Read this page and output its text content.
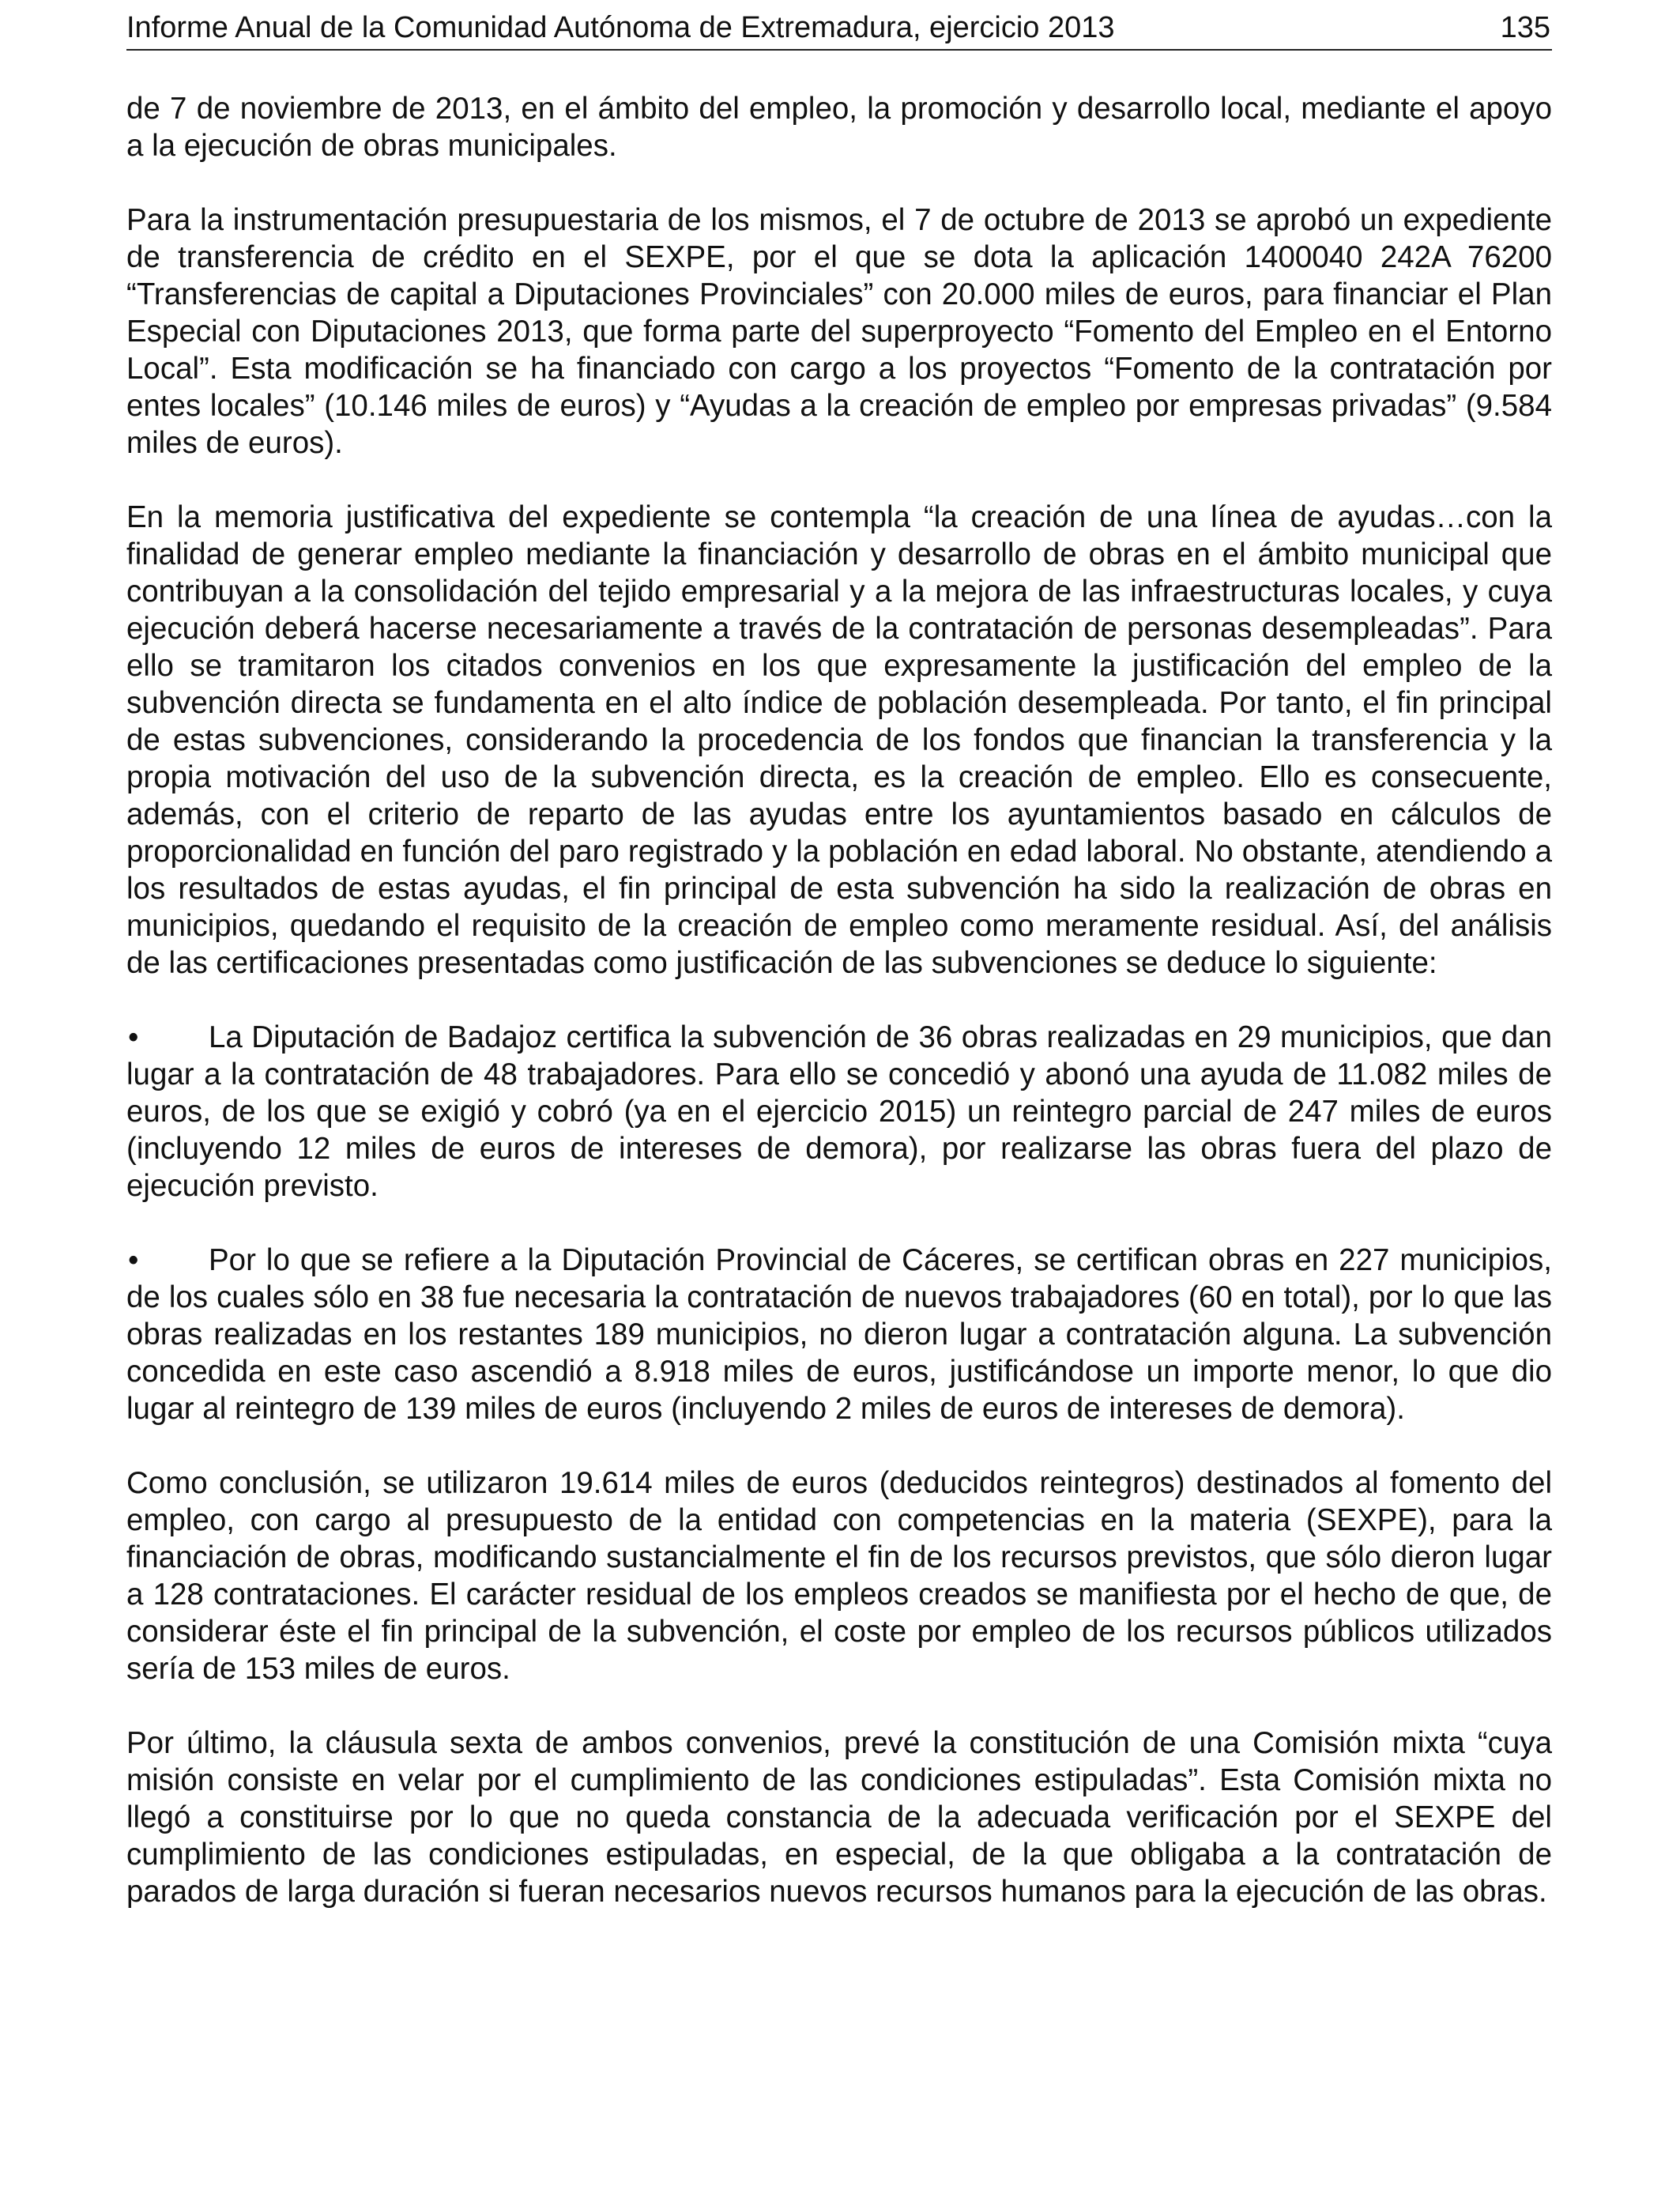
Informe Anual de la Comunidad Autónoma de Extremadura, ejercicio 2013	135

de 7 de noviembre de 2013, en el ámbito del empleo, la promoción y desarrollo local, mediante el apoyo a la ejecución de obras municipales.

Para la instrumentación presupuestaria de los mismos, el 7 de octubre de 2013 se aprobó un expediente de transferencia de crédito en el SEXPE, por el que se dota la aplicación 1400040 242A 76200 “Transferencias de capital a Diputaciones Provinciales” con 20.000 miles de euros, para financiar el Plan Especial con Diputaciones 2013, que forma parte del superproyecto “Fomento del Empleo en el Entorno Local”. Esta modificación se ha financiado con cargo a los proyectos “Fomento de la contratación por entes locales” (10.146 miles de euros) y “Ayudas a la creación de empleo por empresas privadas” (9.584 miles de euros).

En la memoria justificativa del expediente se contempla “la creación de una línea de ayudas…con la finalidad de generar empleo mediante la financiación y desarrollo de obras en el ámbito municipal que contribuyan a la consolidación del tejido empresarial y a la mejora de las infraestructuras locales, y cuya ejecución deberá hacerse necesariamente a través de la contratación de personas desempleadas”. Para ello se tramitaron los citados convenios en los que expresamente la justificación del empleo de la subvención directa se fundamenta en el alto índice de población desempleada. Por tanto, el fin principal de estas subvenciones, considerando la procedencia de los fondos que financian la transferencia y la propia motivación del uso de la subvención directa, es la creación de empleo. Ello es consecuente, además, con el criterio de reparto de las ayudas entre los ayuntamientos basado en cálculos de proporcionalidad en función del paro registrado y la población en edad laboral. No obstante, atendiendo a los resultados de estas ayudas, el fin principal de esta subvención ha sido la realización de obras en municipios, quedando el requisito de la creación de empleo como meramente residual. Así, del análisis de las certificaciones presentadas como justificación de las subvenciones se deduce lo siguiente:

• La Diputación de Badajoz certifica la subvención de 36 obras realizadas en 29 municipios, que dan lugar a la contratación de 48 trabajadores. Para ello se concedió y abonó una ayuda de 11.082 miles de euros, de los que se exigió y cobró (ya en el ejercicio 2015) un reintegro parcial de 247 miles de euros (incluyendo 12 miles de euros de intereses de demora), por realizarse las obras fuera del plazo de ejecución previsto.
• Por lo que se refiere a la Diputación Provincial de Cáceres, se certifican obras en 227 municipios, de los cuales sólo en 38 fue necesaria la contratación de nuevos trabajadores (60 en total), por lo que las obras realizadas en los restantes 189 municipios, no dieron lugar a contratación alguna. La subvención concedida en este caso ascendió a 8.918 miles de euros, justificándose un importe menor, lo que dio lugar al reintegro de 139 miles de euros (incluyendo 2 miles de euros de intereses de demora).

Como conclusión, se utilizaron 19.614 miles de euros (deducidos reintegros) destinados al fomento del empleo, con cargo al presupuesto de la entidad con competencias en la materia (SEXPE), para la financiación de obras, modificando sustancialmente el fin de los recursos previstos, que sólo dieron lugar a 128 contrataciones. El carácter residual de los empleos creados se manifiesta por el hecho de que, de considerar éste el fin principal de la subvención, el coste por empleo de los recursos públicos utilizados sería de 153 miles de euros.

Por último, la cláusula sexta de ambos convenios, prevé la constitución de una Comisión mixta “cuya misión consiste en velar por el cumplimiento de las condiciones estipuladas”. Esta Comisión mixta no llegó a constituirse por lo que no queda constancia de la adecuada verificación por el SEXPE del cumplimiento de las condiciones estipuladas, en especial, de la que obligaba a la contratación de parados de larga duración si fueran necesarios nuevos recursos humanos para la ejecución de las obras.
